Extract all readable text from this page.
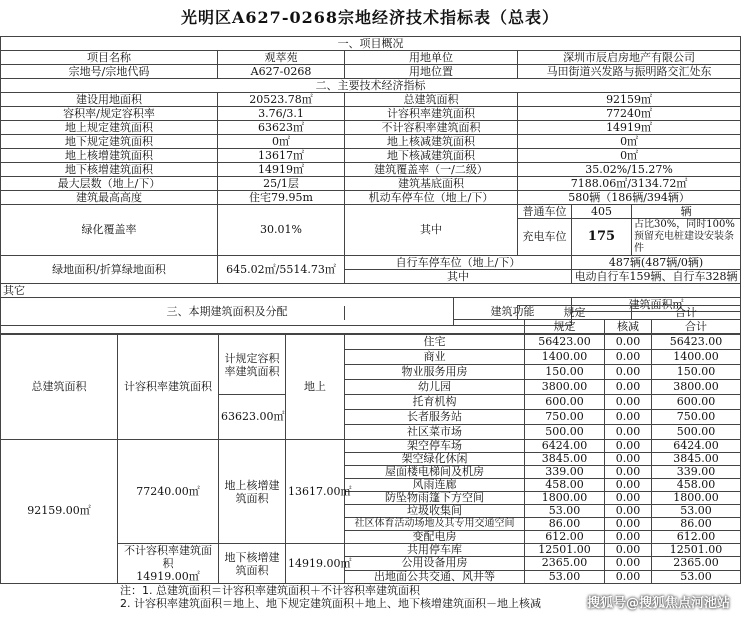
光明区A627-0268宗地经济技术指标表（总表）
一、项目概况						
项目名称	观萃苑	用地单位		深圳市辰启房地产有限公司		
宗地号/宗地代码	A627-0268	用地位置		马田街道兴发路与振明路交汇处东		
二、主要技术经济指标						
建设用地面积	20523.78㎡	总建筑面积		92159㎡		
容积率/规定容积率	3.76/3.1	计容积率建筑面积		77240㎡		
地上规定建筑面积	63623㎡	不计容积率建筑面积		14919㎡		
地下规定建筑面积	0㎡	地上核减建筑面积		0㎡		
地上核增建筑面积	13617㎡	地下核减建筑面积		0㎡		
地下核增建筑面积	14919㎡	建筑覆盖率（一/二级）		35.02%/15.27%		
最大层数（地上/下）	25/1层	建筑基底面积		7188.06㎡/3134.72㎡		
建筑最高高度	住宅79.95m	机动车停车位（地上/下）		580辆（186辆/394辆）		
绿化覆盖率	30.01%	其中		普通车位	405	辆
				充电车位	175	占比30%，同时100%预留充电桩建设安装条件

绿地面积/折算绿地面积	645.02㎡/5514.73㎡	自行车停车位（地上/下）			487辆(487辆/0辆)	
		其中			电动自行车159辆、自行车328辆	
其它						
三、本期建筑面积及分配			建筑功能		建筑面积㎡	

			规定	合计
	规定	核减	合计
总建筑面积	计容积率建筑面积	计规定容积率建筑面积	地上	住宅	56423.00	0.00	56423.00
				商业	1400.00	0.00	1400.00
				物业服务用房	150.00	0.00	150.00
				幼儿园	3800.00	0.00	3800.00
		63623.00㎡		托育机构	600.00	0.00	600.00
				长者服务站	750.00	0.00	750.00
				社区菜市场	500.00	0.00	500.00
92159.00㎡	77240.00㎡	地上核增建筑面积	13617.00㎡	架空停车场	6424.00	0.00	6424.00
				架空绿化休闲	3845.00	0.00	3845.00
				屋面楼电梯间及机房	339.00	0.00	339.00
				风雨连廊	458.00	0.00	458.00
				防坠物雨篷下方空间	1800.00	0.00	1800.00
				垃圾收集间	53.00	0.00	53.00
				社区体育活动场地及其专用交通空间	86.00	0.00	86.00
				变配电房	612.00	0.00	612.00
	不计容积率建筑面积
14919.00㎡	地下核增建筑面积	14919.00㎡	共用停车库	12501.00	0.00	12501.00
				公用设备用房	2365.00	0.00	2365.00
				出地面公共交通、风井等	53.00	0.00	53.00
注：1. 总建筑面积＝计容积率建筑面积＋不计容积率建筑面积
2. 计容积率建筑面积＝地上、地下规定建筑面积＋地上、地下核增建筑面积－地上核减	搜狐号@搜狐焦点河池站
